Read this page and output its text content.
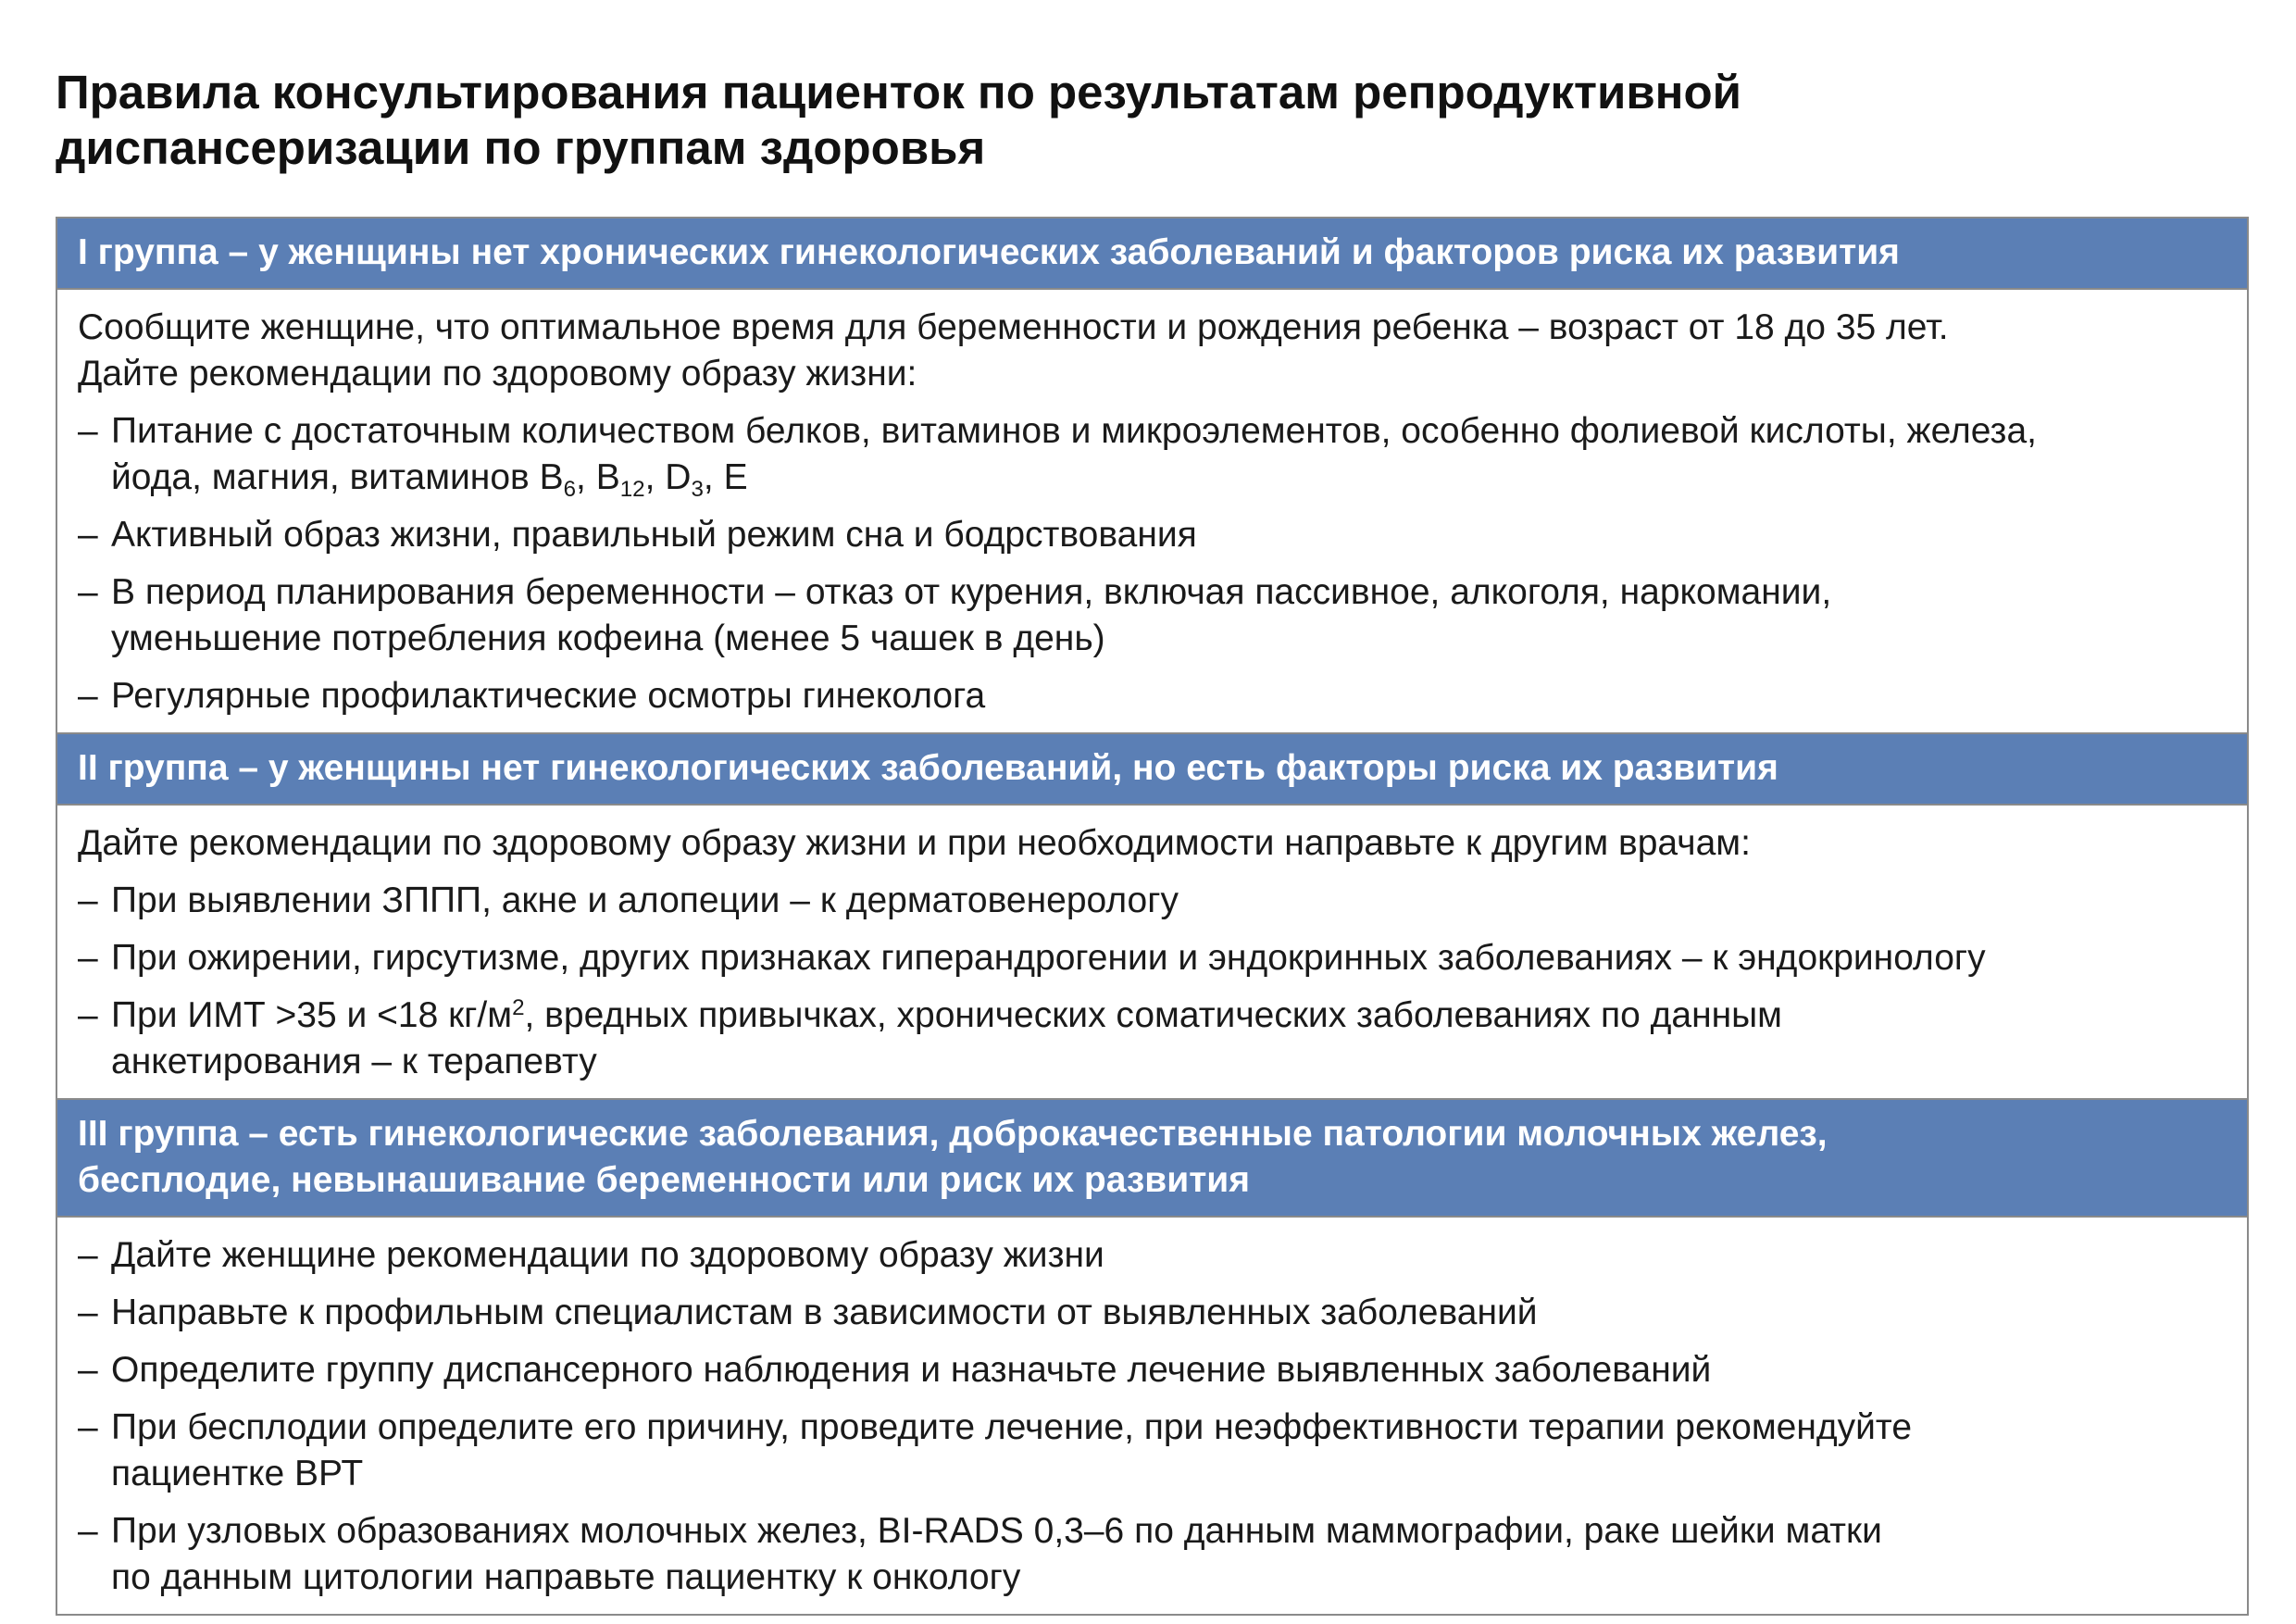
Правила консультирования пациенток по результатам репродуктивной
диспансеризации по группам здоровья
I группа – у женщины нет хронических гинекологических заболеваний и факторов риска их развития

Сообщите женщине, что оптимальное время для беременности и рождения ребенка – возраст от 18 до 35 лет.
Дайте рекомендации по здоровому образу жизни:

– Питание с достаточным количеством белков, витаминов и микроэлементов, особенно фолиевой кислоты, железа,
йода, магния, витаминов $B_6$, $B_{12}$, $D_3$, E
– Активный образ жизни, правильный режим сна и бодрствования
– В период планирования беременности – отказ от курения, включая пассивное, алкоголя, наркомании,
уменьшение потребления кофеина (менее 5 чашек в день)
– Регулярные профилактические осмотры гинеколога
II группа – у женщины нет гинекологических заболеваний, но есть факторы риска их развития

Дайте рекомендации по здоровому образу жизни и при необходимости направьте к другим врачам:

– При выявлении ЗППП, акне и алопеции – к дерматовенерологу
– При ожирении, гирсутизме, других признаках гиперандрогении и эндокринных заболеваниях – к эндокринологу
– При ИМТ >35 и <18 $кг/м^2$, вредных привычках, хронических соматических заболеваниях по данным
анкетирования – к терапевту
III группа – есть гинекологические заболевания, доброкачественные патологии молочных желез,
бесплодие, невынашивание беременности или риск их развития
– Дайте женщине рекомендации по здоровому образу жизни
– Направьте к профильным специалистам в зависимости от выявленных заболеваний
– Определите группу диспансерного наблюдения и назначьте лечение выявленных заболеваний
– При бесплодии определите его причину, проведите лечение, при неэффективности терапии рекомендуйте
пациентке ВРТ
– При узловых образованиях молочных желез, BI-RADS 0,3–6 по данным маммографии, раке шейки матки
по данным цитологии направьте пациентку к онкологу
